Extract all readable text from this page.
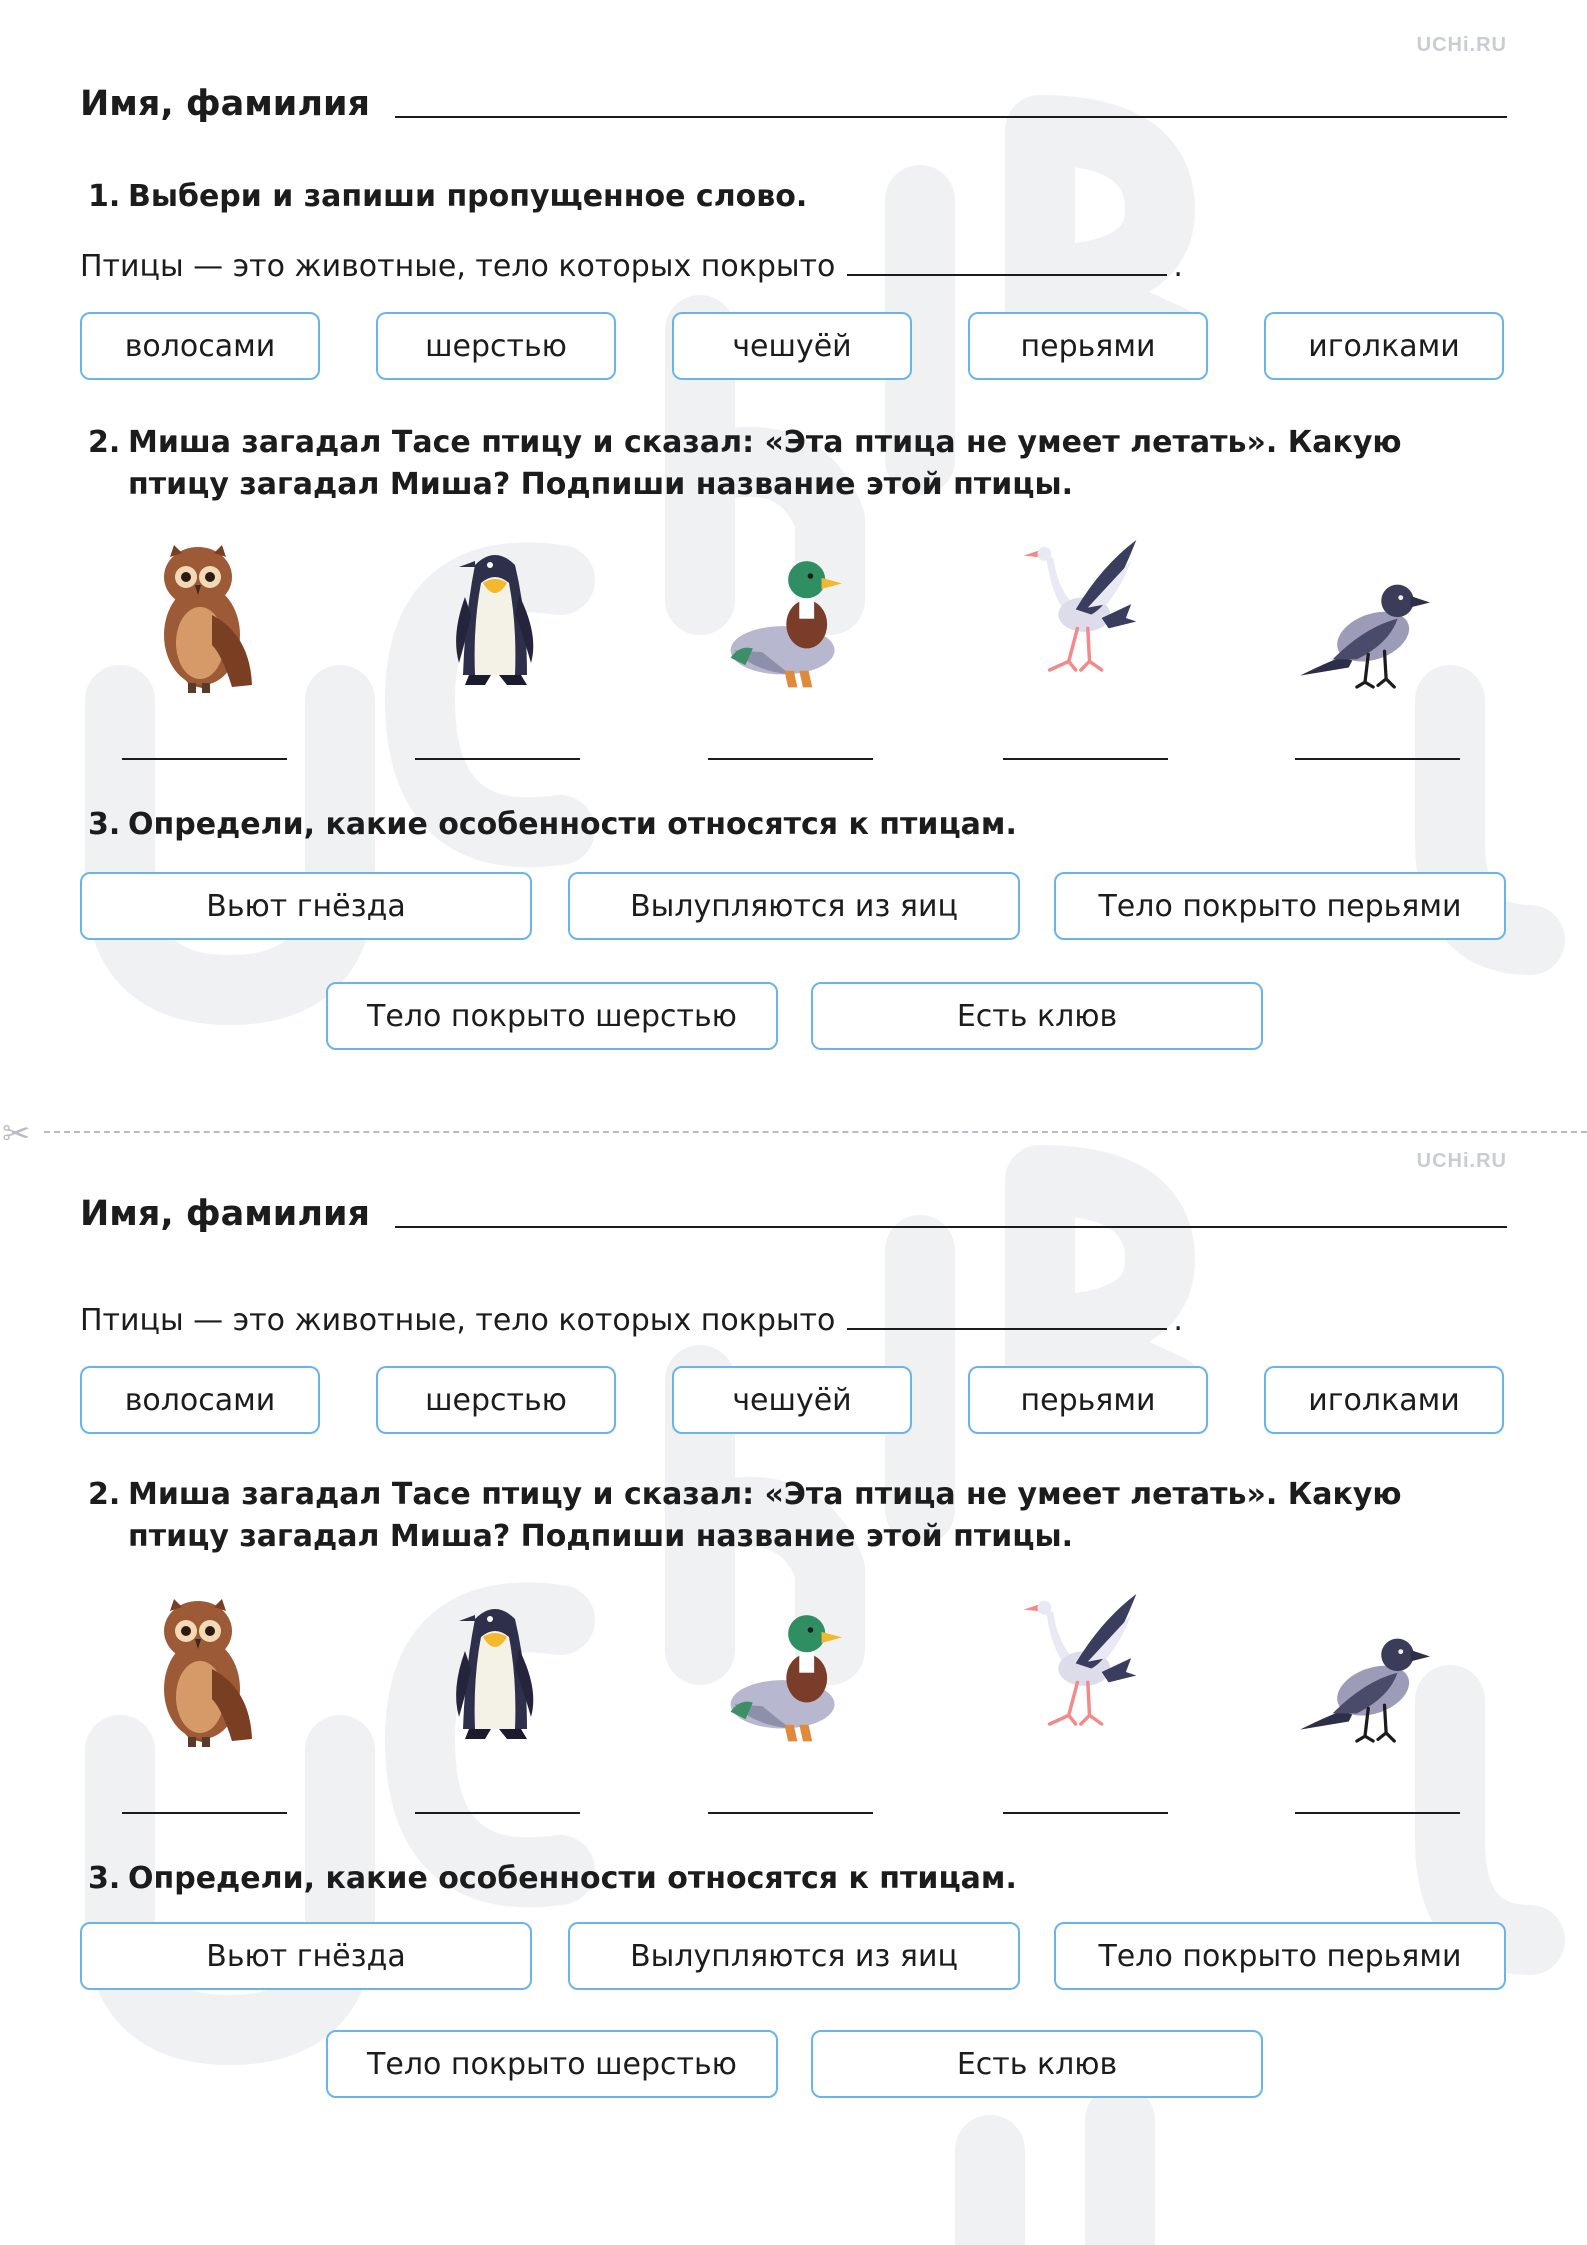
UCHi.RU
Имя, фамилия
1. Выбери и запиши пропущенное слово.
Птицы — это животные, тело которых покрыто	.
волосами	шерстью	чешуёй	перьями	иголками
2. Миша загадал Тасе птицу и сказал: «Эта птица не умеет летать». Какую птицу загадал Миша? Подпиши название этой птицы.
3. Определи, какие особенности относятся к птицам.
Вьют гнёзда	Вылупляются из яиц	Тело покрыто перьями
Тело покрыто шерстью	Есть клюв
✂
UCHi.RU
Имя, фамилия
Птицы — это животные, тело которых покрыто	.
волосами	шерстью	чешуёй	перьями	иголками
2. Миша загадал Тасе птицу и сказал: «Эта птица не умеет летать». Какую птицу загадал Миша? Подпиши название этой птицы.
3. Определи, какие особенности относятся к птицам.
Вьют гнёзда	Вылупляются из яиц	Тело покрыто перьями
Тело покрыто шерстью	Есть клюв
